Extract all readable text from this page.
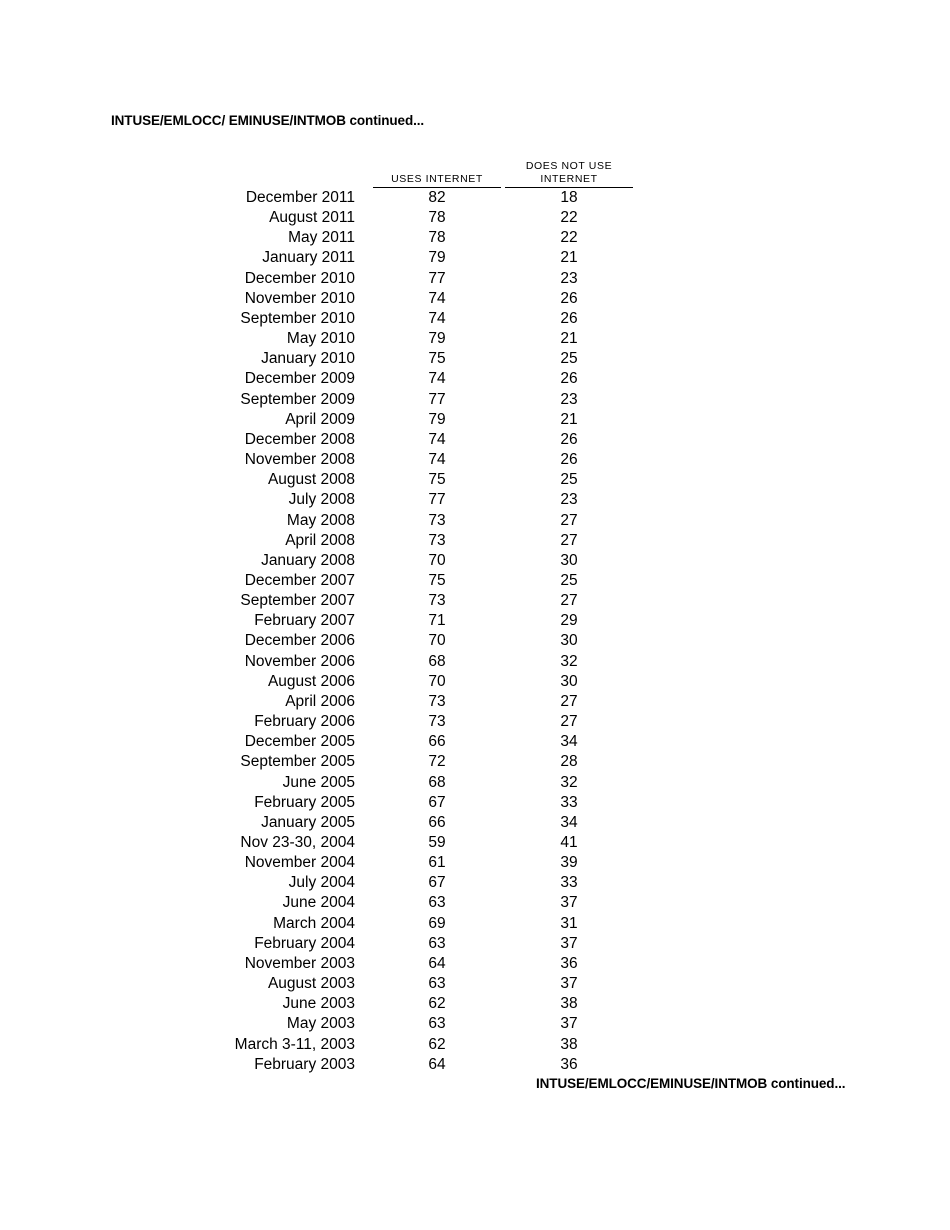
INTUSE/EMLOCC/ EMINUSE/INTMOB continued...
USES INTERNET
DOES NOT USE
INTERNET
December 2011	82	18
August 2011	78	22
May 2011	78	22
January 2011	79	21
December 2010	77	23
November 2010	74	26
September 2010	74	26
May 2010	79	21
January 2010	75	25
December 2009	74	26
September 2009	77	23
April 2009	79	21
December 2008	74	26
November 2008	74	26
August 2008	75	25
July 2008	77	23
May 2008	73	27
April 2008	73	27
January 2008	70	30
December 2007	75	25
September 2007	73	27
February 2007	71	29
December 2006	70	30
November 2006	68	32
August 2006	70	30
April 2006	73	27
February 2006	73	27
December 2005	66	34
September 2005	72	28
June 2005	68	32
February 2005	67	33
January 2005	66	34
Nov 23-30, 2004	59	41
November 2004	61	39
July 2004	67	33
June 2004	63	37
March 2004	69	31
February 2004	63	37
November 2003	64	36
August 2003	63	37
June 2003	62	38
May 2003	63	37
March 3-11, 2003	62	38
February 2003	64	36
INTUSE/EMLOCC/EMINUSE/INTMOB continued...
